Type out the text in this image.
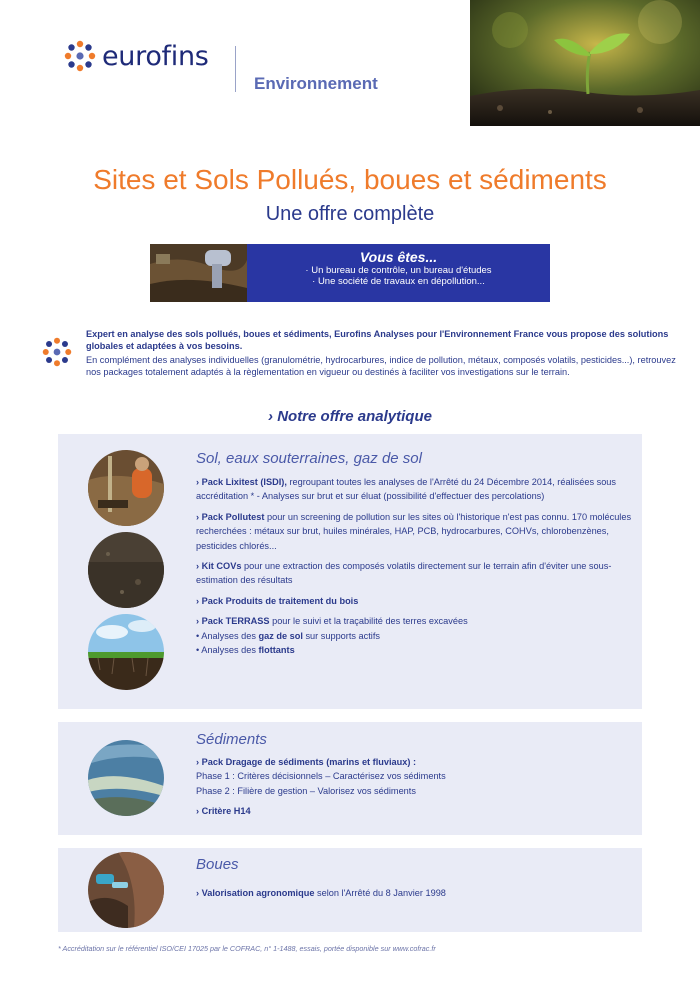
eurofins
Environnement
Sites et Sols Pollués, boues et sédiments
Une offre complète
Vous êtes...
· Un bureau de contrôle, un bureau d'études
· Une société de travaux en dépollution...
Expert en analyse des sols pollués, boues et sédiments, Eurofins Analyses pour l'Environnement France vous propose des solutions globales et adaptées à vos besoins.
En complément des analyses individuelles (granulométrie, hydrocarbures, indice de pollution, métaux, composés volatils, pesticides...), retrouvez nos packages totalement adaptés à la règlementation en vigueur ou destinés à faciliter vos investigations sur le terrain.
› Notre offre analytique
Sol, eaux souterraines, gaz de sol
› Pack Lixitest (ISDI), regroupant toutes les analyses de l'Arrêté du 24 Décembre 2014, réalisées sous accréditation * - Analyses sur brut et sur éluat (possibilité d'effectuer des percolations)
› Pack Pollutest pour un screening de pollution sur les sites où l'historique n'est pas connu. 170 molécules recherchées : métaux sur brut, huiles minérales, HAP, PCB, hydrocarbures, COHVs, chlorobenzènes, pesticides chlorés...
› Kit COVs pour une extraction des composés volatils directement sur le terrain afin d'éviter une sous-estimation des résultats
› Pack Produits de traitement du bois
› Pack TERRASS pour le suivi et la traçabilité des terres excavées
• Analyses des gaz de sol sur supports actifs
• Analyses des flottants
Sédiments
› Pack Dragage de sédiments (marins et fluviaux) :
Phase 1 : Critères décisionnels – Caractérisez vos sédiments
Phase 2 : Filière de gestion – Valorisez vos sédiments
› Critère H14
Boues
› Valorisation agronomique selon l'Arrêté du 8 Janvier 1998
* Accréditation sur le référentiel ISO/CEI 17025 par le COFRAC, n° 1-1488, essais, portée disponible sur www.cofrac.fr
